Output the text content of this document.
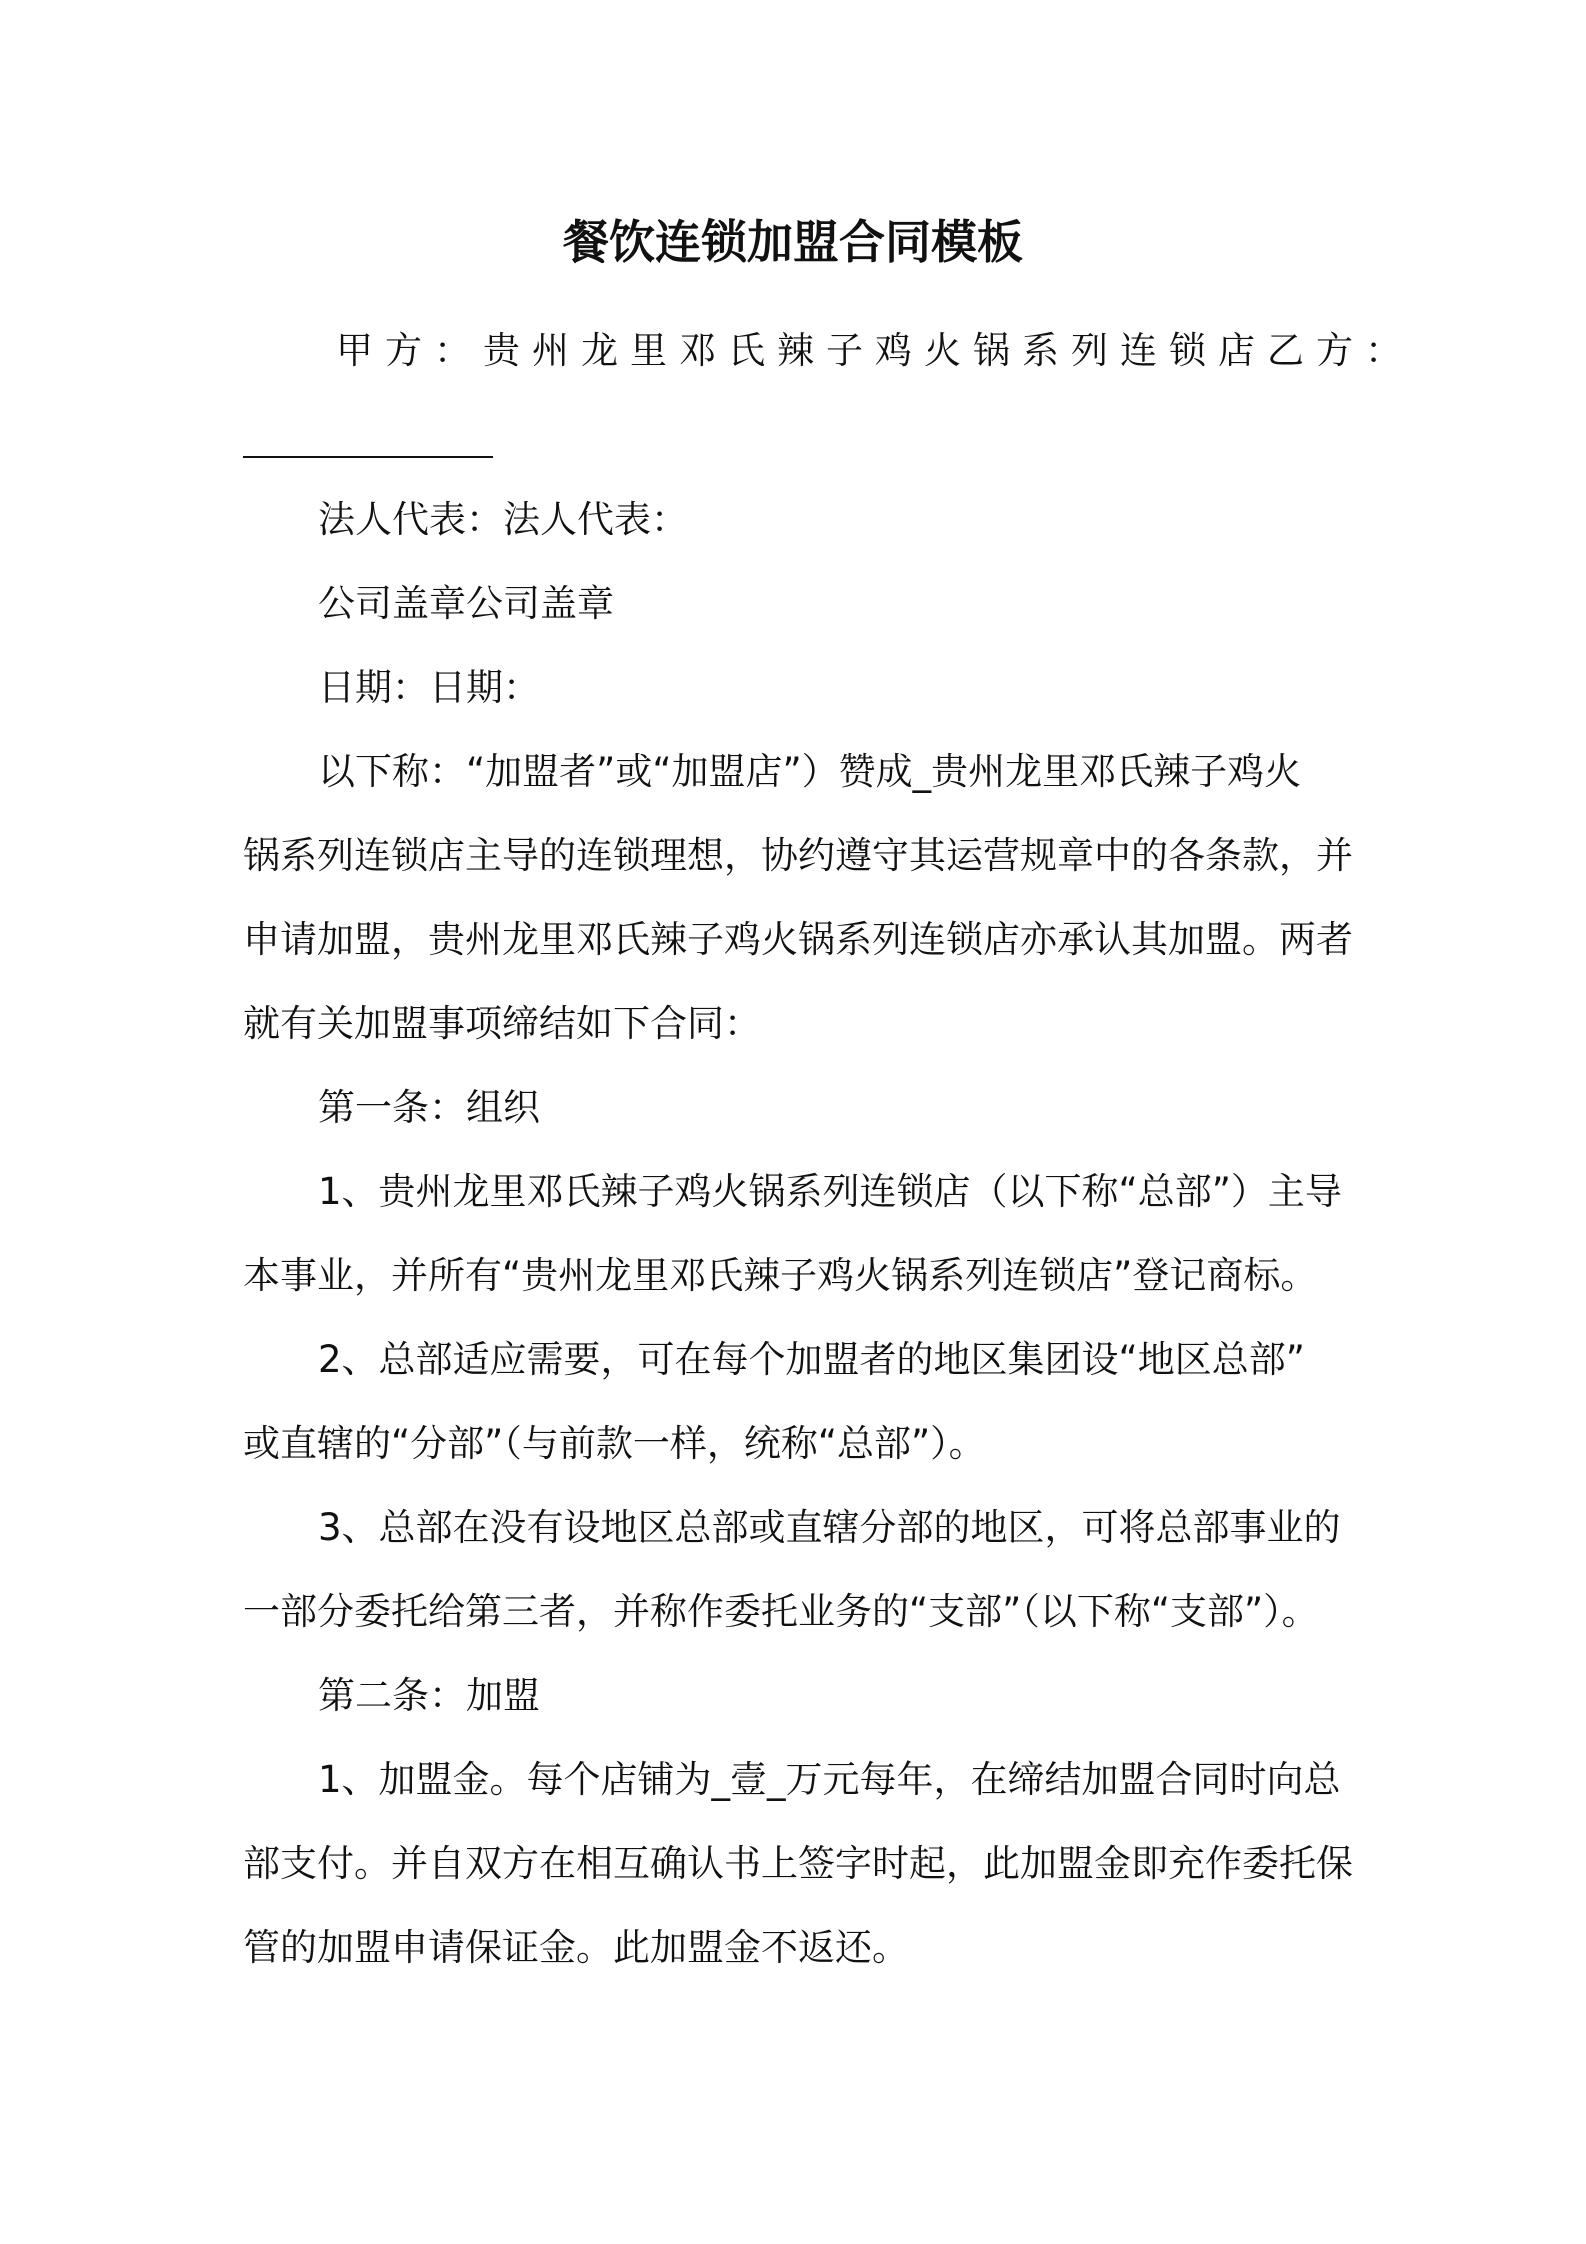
餐饮连锁加盟合同模板
甲方：贵州龙里邓氏辣子鸡火锅系列连锁店乙方：
法人代表：法人代表：
公司盖章公司盖章
日期：日期：
以下称：“加盟者”或“加盟店”）赞成_贵州龙里邓氏辣子鸡火
锅系列连锁店主导的连锁理想，协约遵守其运营规章中的各条款，并
申请加盟，贵州龙里邓氏辣子鸡火锅系列连锁店亦承认其加盟。两者
就有关加盟事项缔结如下合同：
第一条：组织
1、贵州龙里邓氏辣子鸡火锅系列连锁店（以下称“总部”）主导
本事业，并所有“贵州龙里邓氏辣子鸡火锅系列连锁店”登记商标。
2、总部适应需要，可在每个加盟者的地区集团设“地区总部”
或直辖的“分部”（与前款一样，统称“总部”）。
3、总部在没有设地区总部或直辖分部的地区，可将总部事业的
一部分委托给第三者，并称作委托业务的“支部”（以下称“支部”）。
第二条：加盟
1、加盟金。每个店铺为_壹_万元每年，在缔结加盟合同时向总
部支付。并自双方在相互确认书上签字时起，此加盟金即充作委托保
管的加盟申请保证金。此加盟金不返还。
